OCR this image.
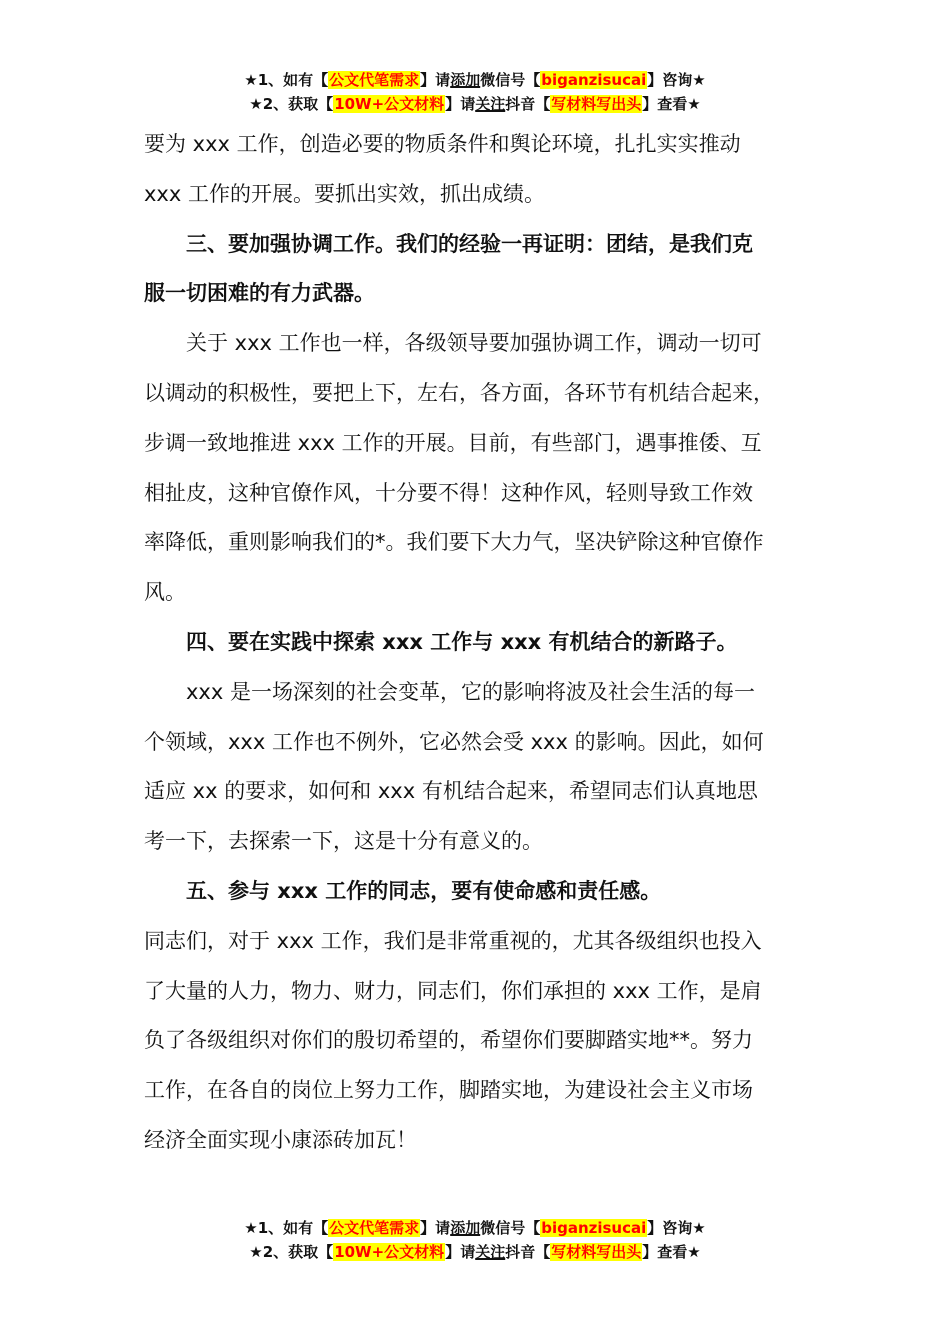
★1、如有【公文代笔需求】请添加微信号【biganzisucai】咨询★
★2、获取【10W+公文材料】请关注抖音【写材料写出头】查看★

要为 xxx 工作，创造必要的物质条件和舆论环境，扎扎实实推动

xxx 工作的开展。要抓出实效，抓出成绩。

　　三、要加强协调工作。我们的经验一再证明：团结，是我们克

服一切困难的有力武器。

　　关于 xxx 工作也一样，各级领导要加强协调工作，调动一切可

以调动的积极性，要把上下，左右，各方面，各环节有机结合起来，

步调一致地推进 xxx 工作的开展。目前，有些部门，遇事推倭、互

相扯皮，这种官僚作风，十分要不得！这种作风，轻则导致工作效

率降低，重则影响我们的*。我们要下大力气，坚决铲除这种官僚作

风。

　　四、要在实践中探索 xxx 工作与 xxx 有机结合的新路子。

　　xxx 是一场深刻的社会变革，它的影响将波及社会生活的每一

个领域，xxx 工作也不例外，它必然会受 xxx 的影响。因此，如何

适应 xx 的要求，如何和 xxx 有机结合起来，希望同志们认真地思

考一下，去探索一下，这是十分有意义的。

　　五、参与 xxx 工作的同志，要有使命感和责任感。

同志们，对于 xxx 工作，我们是非常重视的，尤其各级组织也投入

了大量的人力，物力、财力，同志们，你们承担的 xxx 工作，是肩

负了各级组织对你们的殷切希望的，希望你们要脚踏实地**。努力

工作，在各自的岗位上努力工作，脚踏实地，为建设社会主义市场

经济全面实现小康添砖加瓦！

★1、如有【公文代笔需求】请添加微信号【biganzisucai】咨询★
★2、获取【10W+公文材料】请关注抖音【写材料写出头】查看★
